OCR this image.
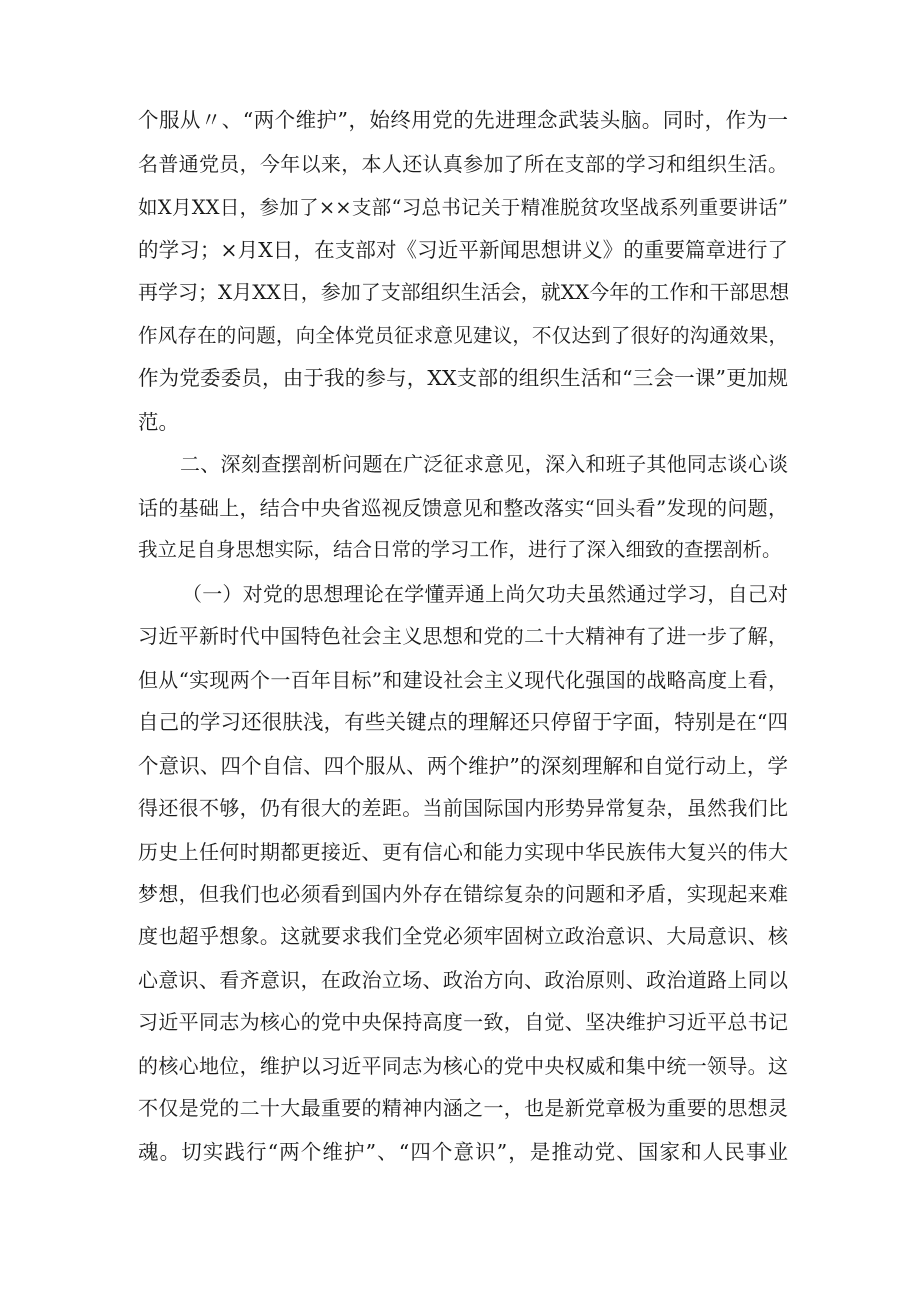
个服从〃、“两个维护”，始终用党的先进理念武装头脑。同时，作为一
名普通党员，今年以来，本人还认真参加了所在支部的学习和组织生活。
如X月XX日，参加了××支部“习总书记关于精准脱贫攻坚战系列重要讲话”
的学习；×月X日，在支部对《习近平新闻思想讲义》的重要篇章进行了
再学习；X月XX日，参加了支部组织生活会，就XX今年的工作和干部思想
作风存在的问题，向全体党员征求意见建议，不仅达到了很好的沟通效果，
作为党委委员，由于我的参与，XX支部的组织生活和“三会一课”更加规
范。
二、深刻查摆剖析问题在广泛征求意见，深入和班子其他同志谈心谈
话的基础上，结合中央省巡视反馈意见和整改落实“回头看”发现的问题，
我立足自身思想实际，结合日常的学习工作，进行了深入细致的查摆剖析。
（一）对党的思想理论在学懂弄通上尚欠功夫虽然通过学习，自己对
习近平新时代中国特色社会主义思想和党的二十大精神有了进一步了解，
但从“实现两个一百年目标”和建设社会主义现代化强国的战略高度上看，
自己的学习还很肤浅，有些关键点的理解还只停留于字面，特别是在“四
个意识、四个自信、四个服从、两个维护”的深刻理解和自觉行动上，学
得还很不够，仍有很大的差距。当前国际国内形势异常复杂，虽然我们比
历史上任何时期都更接近、更有信心和能力实现中华民族伟大复兴的伟大
梦想，但我们也必须看到国内外存在错综复杂的问题和矛盾，实现起来难
度也超乎想象。这就要求我们全党必须牢固树立政治意识、大局意识、核
心意识、看齐意识，在政治立场、政治方向、政治原则、政治道路上同以
习近平同志为核心的党中央保持高度一致，自觉、坚决维护习近平总书记
的核心地位，维护以习近平同志为核心的党中央权威和集中统一领导。这
不仅是党的二十大最重要的精神内涵之一，也是新党章极为重要的思想灵
魂。切实践行“两个维护”、“四个意识”，是推动党、国家和人民事业
